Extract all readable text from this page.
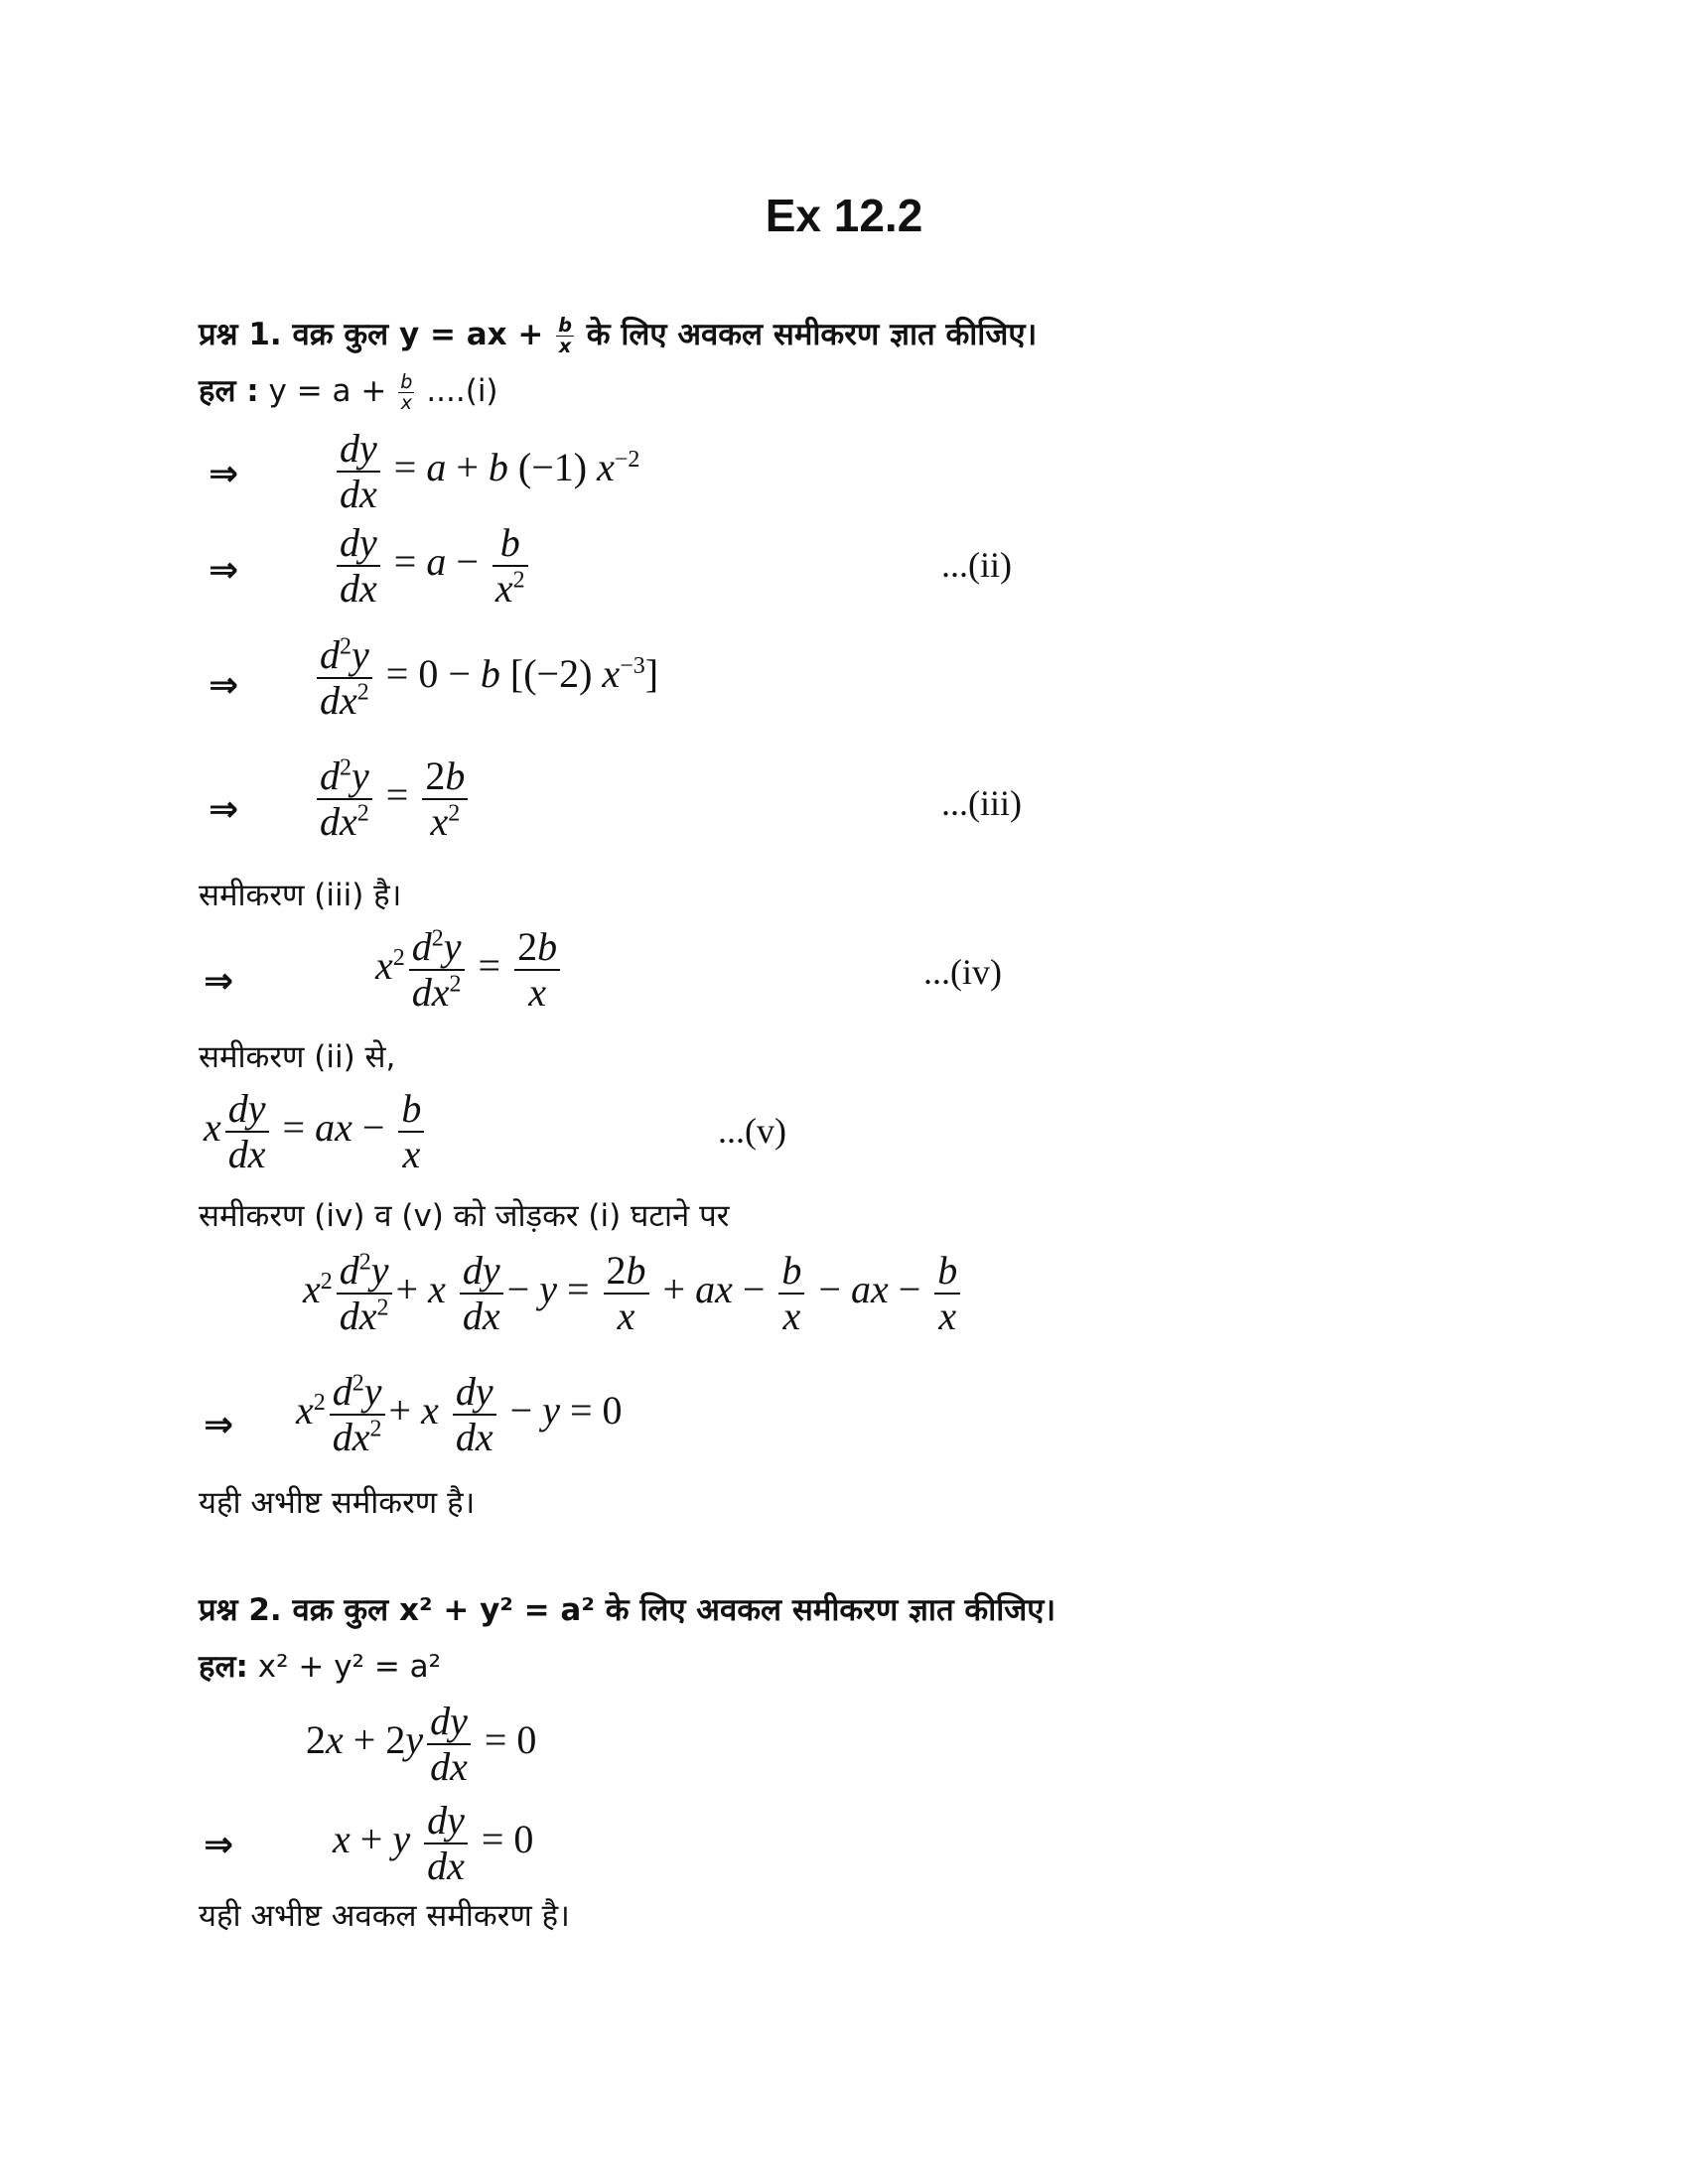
Ex 12.2
प्रश्न 1. वक्र कुल y = ax + $\frac{b}{x}$ के लिए अवकल समीकरण ज्ञात कीजिए।
हल : $y = a + \frac{b}{x} ....(i)$
⇒ $\frac{dy}{dx} = a + b$ (−1) $x^{-2}$
⇒ $\frac{dy}{dx} = a - \frac{b}{x^2}$	...(ii)
⇒ $\frac{d^2y}{dx^2} = 0 - b$ [(−2) $x^{-3}$]
⇒ $\frac{d^2y}{dx^2} = \frac{2b}{x^2}$	...(iii)
समीकरण (iii) है।
⇒	$x^2 \frac{d^2y}{dx^2} = \frac{2b}{x}$	...(iv)
समीकरण (ii) से,
x $\frac{dy}{dx}$ = ax − $\frac{b}{x}$	...(v)
समीकरण (iv) व (v) को जोड़कर (i) घटाने पर
$x^2 \frac{d^2y}{dx^2} + x \frac{dy}{dx} - y = \frac{2b}{x}$ + ax − $\frac{b}{x}$ − ax − $\frac{b}{x}$
⇒ $x^2 \frac{d^2y}{dx^2} + x \frac{dy}{dx} - y = 0$
यही अभीष्ट समीकरण है।
प्रश्न 2. वक्र कुल x² + y² = a² के लिए अवकल समीकरण ज्ञात कीजिए।
हल: x² + y² = a²
$2x + 2y \frac{dy}{dx} = 0$
⇒ x + y $\frac{dy}{dx} = 0$
यही अभीष्ट अवकल समीकरण है।
